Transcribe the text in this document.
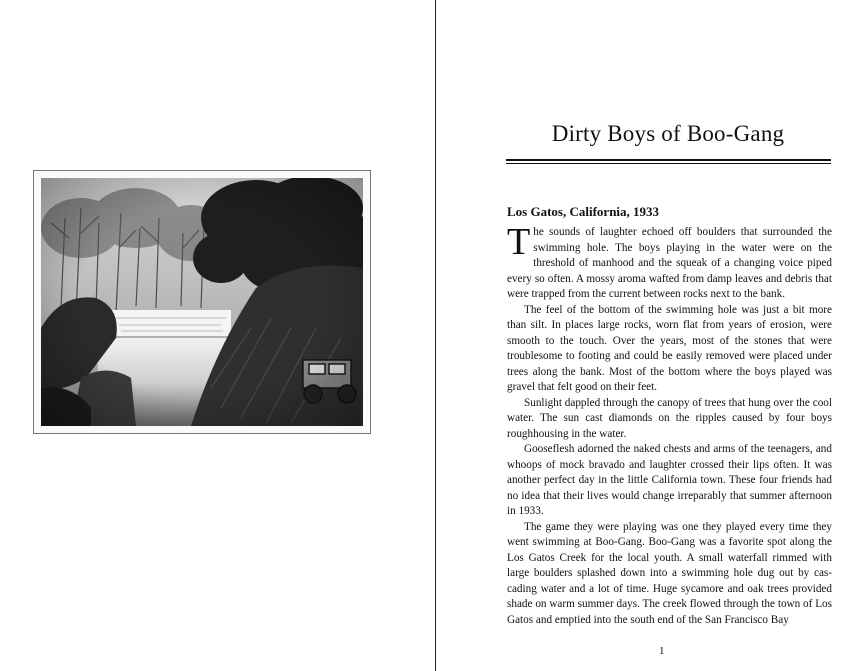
Dirty Boys of Boo-Gang

Los Gatos, California, 1933

The sounds of laughter echoed off boulders that surrounded the swimming hole. The boys playing in the water were on the threshold of manhood and the squeak of a changing voice piped every so often. A mossy aroma wafted from damp leaves and debris that were trapped from the current between rocks next to the bank.

The feel of the bottom of the swimming hole was just a bit more than silt. In places large rocks, worn flat from years of erosion, were smooth to the touch. Over the years, most of the stones that were troublesome to footing and could be easily removed were placed under trees along the bank. Most of the bottom where the boys played was gravel that felt good on their feet.

Sunlight dappled through the canopy of trees that hung over the cool water. The sun cast diamonds on the ripples caused by four boys roughhousing in the water.

Gooseflesh adorned the naked chests and arms of the teenagers, and whoops of mock bravado and laughter crossed their lips often. It was another perfect day in the little California town. These four friends had no idea that their lives would change irreparably that summer afternoon in 1933.

The game they were playing was one they played every time they went swimming at Boo-Gang. Boo-Gang was a favorite spot along the Los Gatos Creek for the local youth. A small waterfall rimmed with large boulders splashed down into a swimming hole dug out by cascading water and a lot of time. Huge sycamore and oak trees provided shade on warm summer days. The creek flowed through the town of Los Gatos and emptied into the south end of the San Francisco Bay

1
